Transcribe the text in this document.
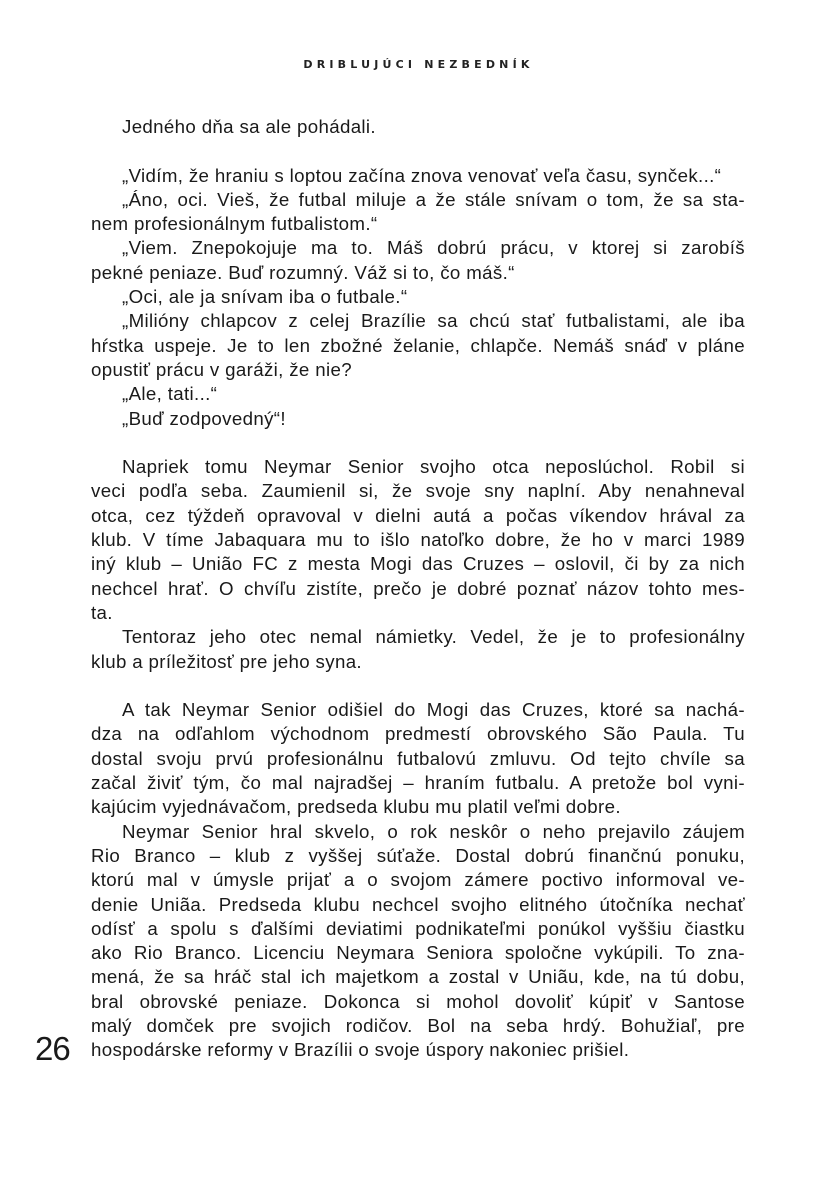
DRIBLUJÚCI NEZBEDNÍK
Jedného dňa sa ale pohádali.
„Vidím, že hraniu s loptou začína znova venovať veľa času, synček...“
„Áno, oci. Vieš, že futbal miluje a že stále snívam o tom, že sa sta-
nem profesionálnym futbalistom.“
„Viem. Znepokojuje ma to. Máš dobrú prácu, v ktorej si zarobíš
pekné peniaze. Buď rozumný. Váž si to, čo máš.“
„Oci, ale ja snívam iba o futbale.“
„Milióny chlapcov z celej Brazílie sa chcú stať futbalistami, ale iba
hŕstka uspeje. Je to len zbožné želanie, chlapče. Nemáš snáď v pláne
opustiť prácu v garáži, že nie?
„Ale, tati...“
„Buď zodpovedný“!
Napriek tomu Neymar Senior svojho otca neposlúchol. Robil si
veci podľa seba. Zaumienil si, že svoje sny naplní. Aby nenahneval
otca, cez týždeň opravoval v dielni autá a počas víkendov hrával za
klub. V tíme Jabaquara mu to išlo natoľko dobre, že ho v marci 1989
iný klub – União FC z mesta Mogi das Cruzes – oslovil, či by za nich
nechcel hrať. O chvíľu zistíte, prečo je dobré poznať názov tohto mes-
ta.
Tentoraz jeho otec nemal námietky. Vedel, že je to profesionálny
klub a príležitosť pre jeho syna.
A tak Neymar Senior odišiel do Mogi das Cruzes, ktoré sa nachá-
dza na odľahlom východnom predmestí obrovského São Paula. Tu
dostal svoju prvú profesionálnu futbalovú zmluvu. Od tejto chvíle sa
začal živiť tým, čo mal najradšej – hraním futbalu. A pretože bol vyni-
kajúcim vyjednávačom, predseda klubu mu platil veľmi dobre.
Neymar Senior hral skvelo, o rok neskôr o neho prejavilo záujem
Rio Branco – klub z vyššej súťaže. Dostal dobrú finančnú ponuku,
ktorú mal v úmysle prijať a o svojom zámere poctivo informoval ve-
denie Uniãa. Predseda klubu nechcel svojho elitného útočníka nechať
odísť a spolu s ďalšími deviatimi podnikateľmi ponúkol vyššiu čiastku
ako Rio Branco. Licenciu Neymara Seniora spoločne vykúpili. To zna-
mená, že sa hráč stal ich majetkom a zostal v Uniãu, kde, na tú dobu,
bral obrovské peniaze. Dokonca si mohol dovoliť kúpiť v Santose
malý domček pre svojich rodičov. Bol na seba hrdý. Bohužiaľ, pre
hospodárske reformy v Brazílii o svoje úspory nakoniec prišiel.
26
